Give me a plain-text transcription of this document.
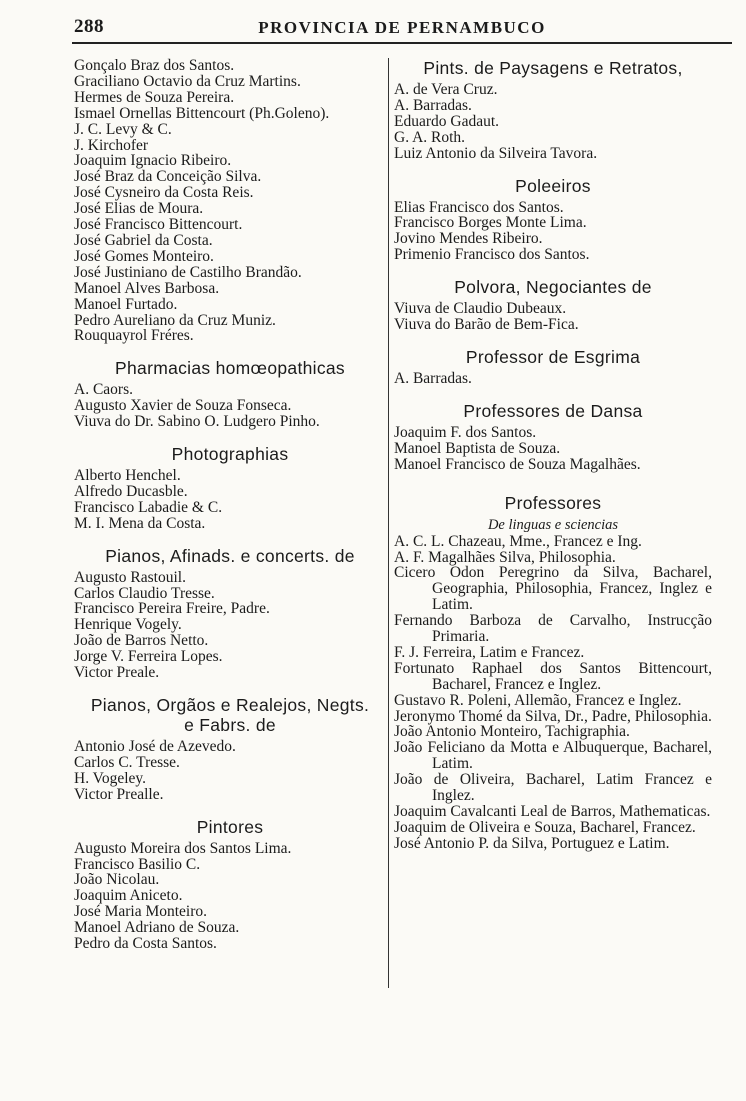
288	PROVINCIA DE PERNAMBUCO
Gonçalo Braz dos Santos.
Graciliano Octavio da Cruz Martins.
Hermes de Souza Pereira.
Ismael Ornellas Bittencourt (Ph.Goleno).
J. C. Levy & C.
J. Kirchofer
Joaquim Ignacio Ribeiro.
José Braz da Conceição Silva.
José Cysneiro da Costa Reis.
José Elias de Moura.
José Francisco Bittencourt.
José Gabriel da Costa.
José Gomes Monteiro.
José Justiniano de Castilho Brandão.
Manoel Alves Barbosa.
Manoel Furtado.
Pedro Aureliano da Cruz Muniz.
Rouquayrol Fréres.
Pharmacias homœopathicas
A. Caors.
Augusto Xavier de Souza Fonseca.
Viuva do Dr. Sabino O. Ludgero Pinho.
Photographias
Alberto Henchel.
Alfredo Ducasble.
Francisco Labadie & C.
M. I. Mena da Costa.
Pianos, Afinads. e concerts. de
Augusto Rastouil.
Carlos Claudio Tresse.
Francisco Pereira Freire, Padre.
Henrique Vogely.
João de Barros Netto.
Jorge V. Ferreira Lopes.
Victor Preale.
Pianos, Orgãos e Realejos, Negts.
e Fabrs. de
Antonio José de Azevedo.
Carlos C. Tresse.
H. Vogeley.
Victor Prealle.
Pintores
Augusto Moreira dos Santos Lima.
Francisco Basilio C.
João Nicolau.
Joaquim Aniceto.
José Maria Monteiro.
Manoel Adriano de Souza.
Pedro da Costa Santos.
Pints. de Paysagens e Retratos,
A. de Vera Cruz.
A. Barradas.
Eduardo Gadaut.
G. A. Roth.
Luiz Antonio da Silveira Tavora.
Poleeiros
Elias Francisco dos Santos.
Francisco Borges Monte Lima.
Jovino Mendes Ribeiro.
Primenio Francisco dos Santos.
Polvora, Negociantes de
Viuva de Claudio Dubeaux.
Viuva do Barão de Bem-Fica.
Professor de Esgrima
A. Barradas.
Professores de Dansa
Joaquim F. dos Santos.
Manoel Baptista de Souza.
Manoel Francisco de Souza Magalhães.
Professores
De linguas e sciencias
A. C. L. Chazeau, Mme., Francez e Ing.
A. F. Magalhães Silva, Philosophia.
Cicero Odon Peregrino da Silva, Bacharel, Geographia, Philosophia, Francez, Inglez e Latim.
Fernando Barboza de Carvalho, Instrucção Primaria.
F. J. Ferreira, Latim e Francez.
Fortunato Raphael dos Santos Bittencourt, Bacharel, Francez e Inglez.
Gustavo R. Poleni, Allemão, Francez e Inglez.
Jeronymo Thomé da Silva, Dr., Padre, Philosophia.
João Antonio Monteiro, Tachigraphia.
João Feliciano da Motta e Albuquerque, Bacharel, Latim.
João de Oliveira, Bacharel, Latim Francez e Inglez.
Joaquim Cavalcanti Leal de Barros, Mathematicas.
Joaquim de Oliveira e Souza, Bacharel, Francez.
José Antonio P. da Silva, Portuguez e Latim.
